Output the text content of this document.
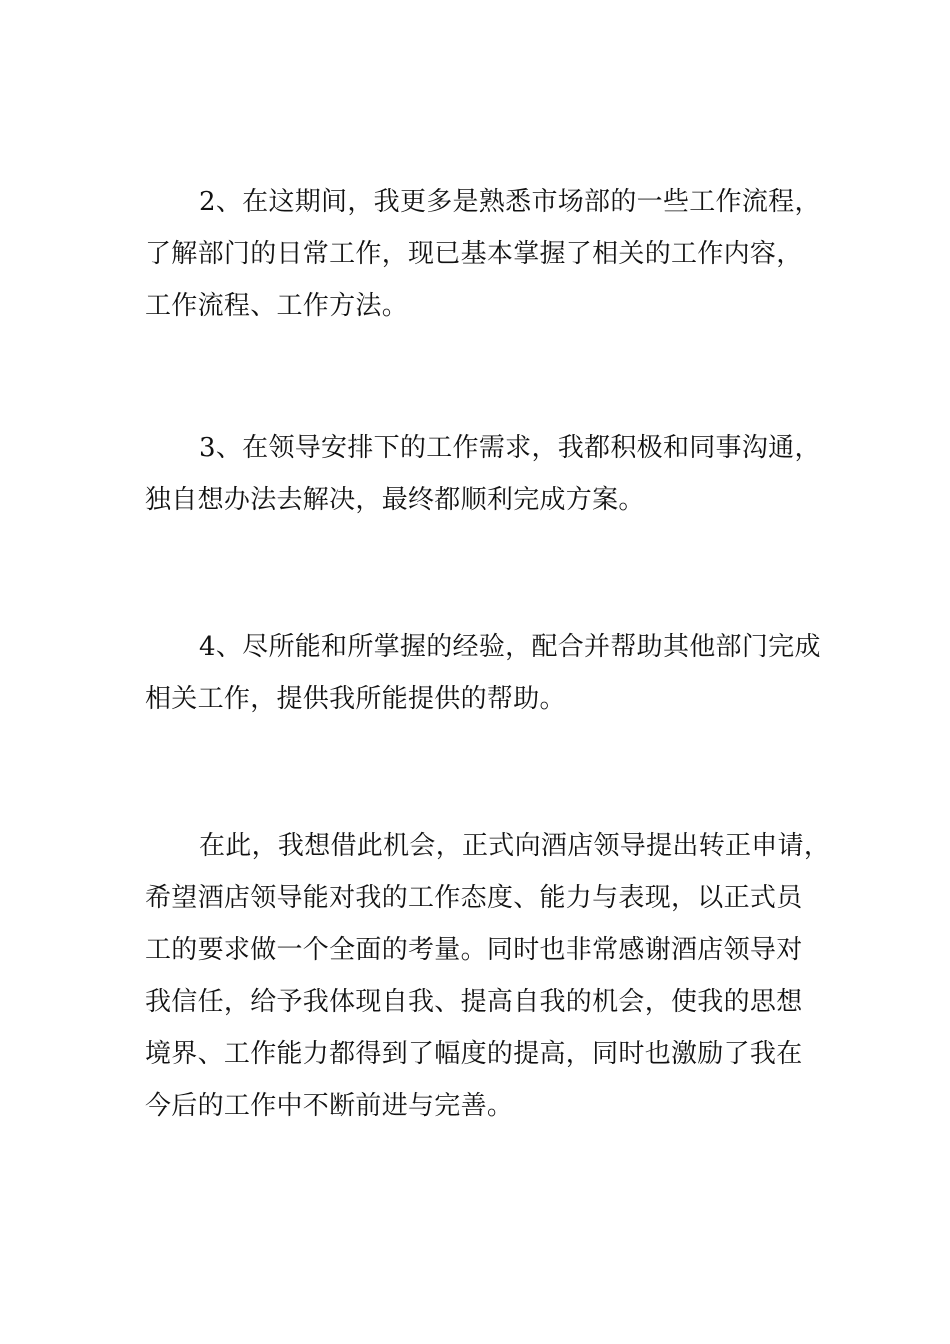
2、在这期间，我更多是熟悉市场部的一些工作流程，
了解部门的日常工作，现已基本掌握了相关的工作内容，
工作流程、工作方法。

3、在领导安排下的工作需求，我都积极和同事沟通，
独自想办法去解决，最终都顺利完成方案。

4、尽所能和所掌握的经验，配合并帮助其他部门完成
相关工作，提供我所能提供的帮助。

在此，我想借此机会，正式向酒店领导提出转正申请，
希望酒店领导能对我的工作态度、能力与表现，以正式员
工的要求做一个全面的考量。同时也非常感谢酒店领导对
我信任，给予我体现自我、提高自我的机会，使我的思想
境界、工作能力都得到了幅度的提高，同时也激励了我在
今后的工作中不断前进与完善。
